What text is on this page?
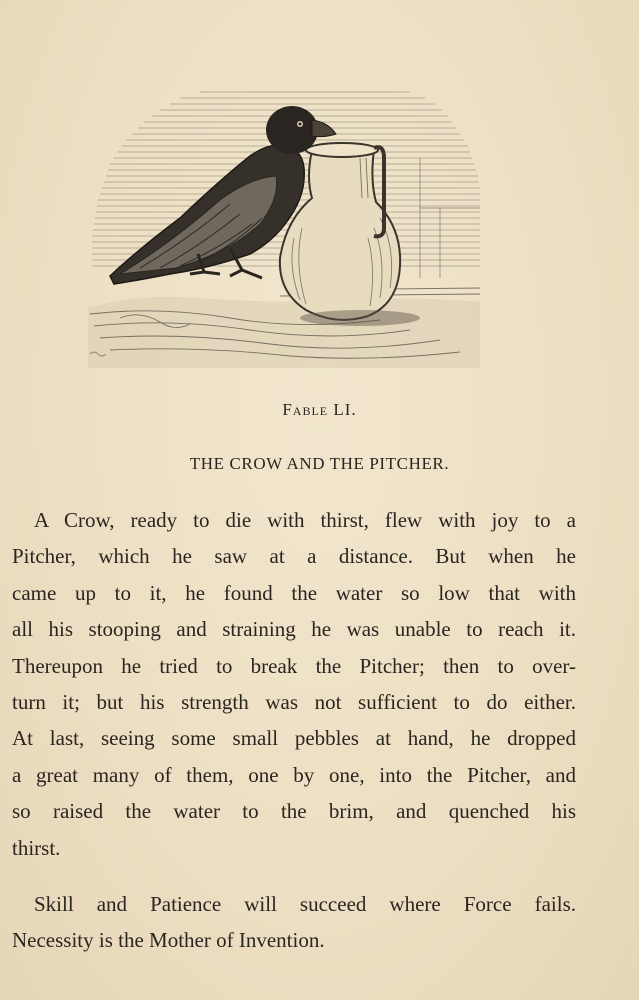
Fable LI.
THE CROW AND THE PITCHER.
A Crow, ready to die with thirst, flew with joy to a
Pitcher, which he saw at a distance. But when he
came up to it, he found the water so low that with
all his stooping and straining he was unable to reach it.
Thereupon he tried to break the Pitcher; then to over-
turn it; but his strength was not sufficient to do either.
At last, seeing some small pebbles at hand, he dropped
a great many of them, one by one, into the Pitcher, and
so raised the water to the brim, and quenched his
thirst.
Skill and Patience will succeed where Force fails.
Necessity is the Mother of Invention.
